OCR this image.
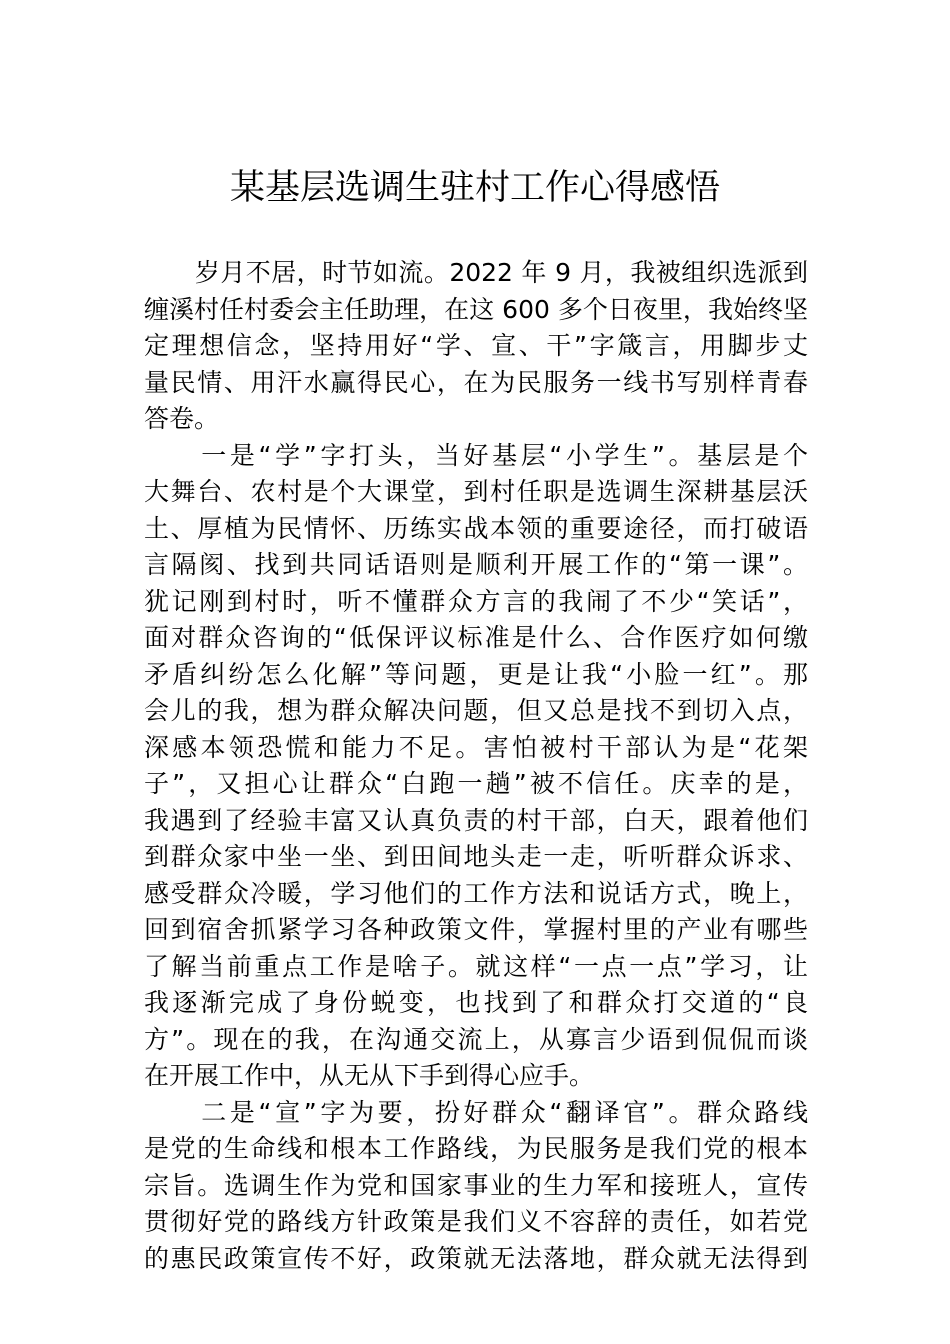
某基层选调生驻村工作心得感悟
　　岁月不居，时节如流。2022 年 9 月，我被组织选派到
缠溪村任村委会主任助理，在这 600 多个日夜里，我始终坚
定理想信念，坚持用好“学、宣、干”字箴言，用脚步丈
量民情、用汗水赢得民心，在为民服务一线书写别样青春
答卷。
　　一是“学”字打头，当好基层“小学生”。基层是个
大舞台、农村是个大课堂，到村任职是选调生深耕基层沃
土、厚植为民情怀、历练实战本领的重要途径，而打破语
言隔阂、找到共同话语则是顺利开展工作的“第一课”。
犹记刚到村时，听不懂群众方言的我闹了不少“笑话”，
面对群众咨询的“低保评议标准是什么、合作医疗如何缴
矛盾纠纷怎么化解”等问题，更是让我“小脸一红”。那
会儿的我，想为群众解决问题，但又总是找不到切入点，
深感本领恐慌和能力不足。害怕被村干部认为是“花架
子”，又担心让群众“白跑一趟”被不信任。庆幸的是，
我遇到了经验丰富又认真负责的村干部，白天，跟着他们
到群众家中坐一坐、到田间地头走一走，听听群众诉求、
感受群众冷暖，学习他们的工作方法和说话方式，晚上，
回到宿舍抓紧学习各种政策文件，掌握村里的产业有哪些
了解当前重点工作是啥子。就这样“一点一点”学习，让
我逐渐完成了身份蜕变，也找到了和群众打交道的“良
方”。现在的我，在沟通交流上，从寡言少语到侃侃而谈
在开展工作中，从无从下手到得心应手。
　　二是“宣”字为要，扮好群众“翻译官”。群众路线
是党的生命线和根本工作路线，为民服务是我们党的根本
宗旨。选调生作为党和国家事业的生力军和接班人，宣传
贯彻好党的路线方针政策是我们义不容辞的责任，如若党
的惠民政策宣传不好，政策就无法落地，群众就无法得到
